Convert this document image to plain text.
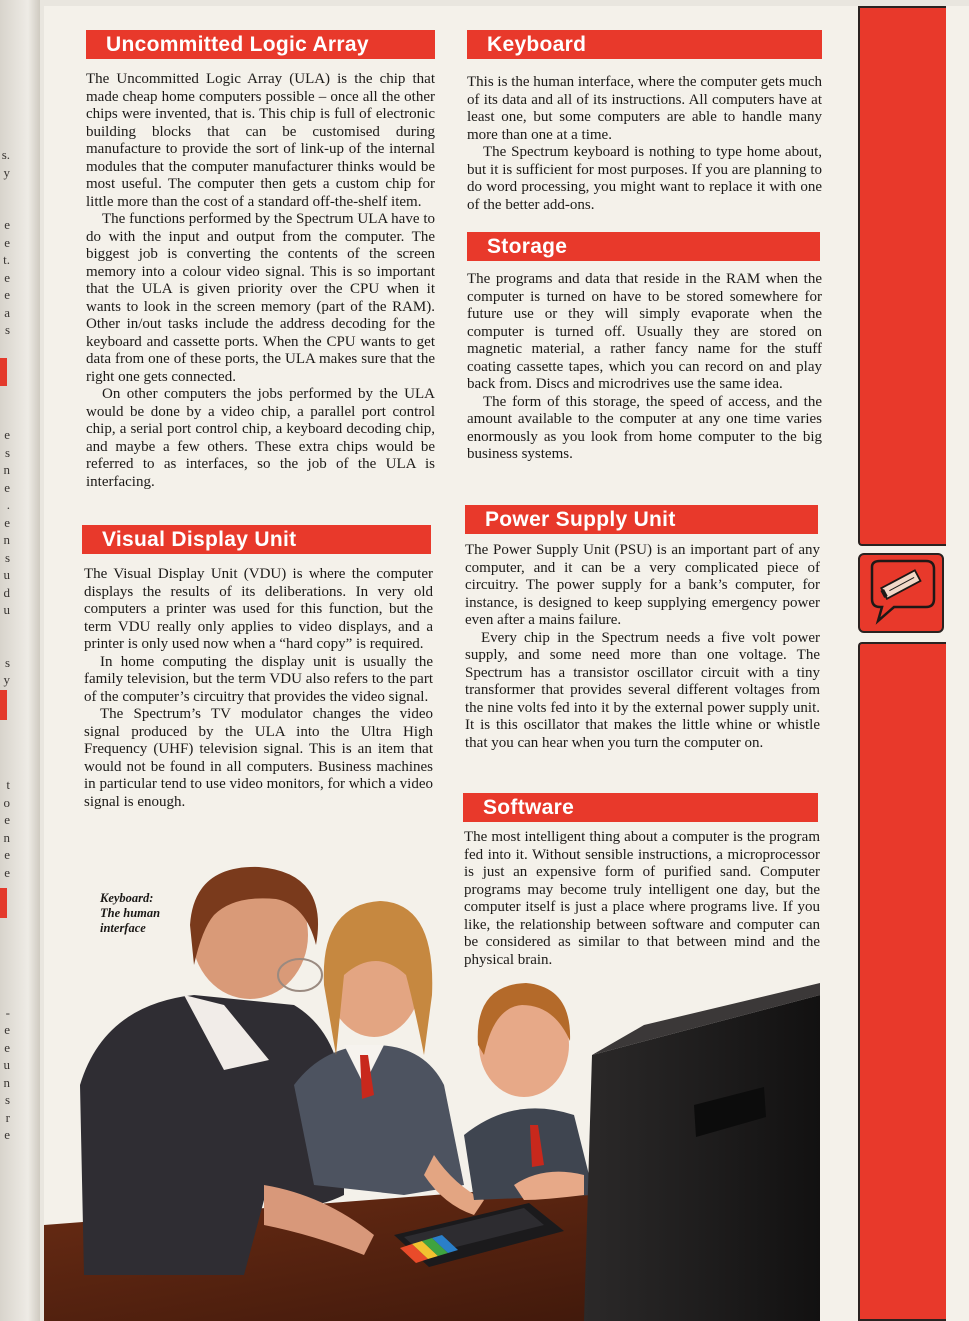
s.
y

e
e
t.
e
e
a
s

e
s
n
e
.
e
n
s
u
d
u

s
y

t
o
e
n
e
e

-
e
e
u
n
s
r
e
Uncommitted Logic Array

The Uncommitted Logic Array (ULA) is the chip that made cheap home computers possible – once all the other chips were invented, that is. This chip is full of electronic building blocks that can be customised during manufacture to provide the sort of link-up of the internal modules that the computer manufacturer thinks would be most useful. The computer then gets a custom chip for little more than the cost of a standard off-the-shelf item.

The functions performed by the Spectrum ULA have to do with the input and output from the computer. The biggest job is converting the contents of the screen memory into a colour video signal. This is so important that the ULA is given priority over the CPU when it wants to look in the screen memory (part of the RAM). Other in/out tasks include the address decoding for the keyboard and cassette ports. When the CPU wants to get data from one of these ports, the ULA makes sure that the right one gets connected.

On other computers the jobs performed by the ULA would be done by a video chip, a parallel port control chip, a serial port control chip, a keyboard decoding chip, and maybe a few others. These extra chips would be referred to as interfaces, so the job of the ULA is interfacing.

Visual Display Unit

The Visual Display Unit (VDU) is where the computer displays the results of its deliberations. In very old computers a printer was used for this function, but the term VDU really only applies to video displays, and a printer is only used now when a “hard copy” is required.

In home computing the display unit is usually the family television, but the term VDU also refers to the part of the computer’s circuitry that provides the video signal.

The Spectrum’s TV modulator changes the video signal produced by the ULA into the Ultra High Frequency (UHF) television signal. This is an item that would not be found in all computers. Business machines in particular tend to use video monitors, for which a video signal is enough.

Keyboard

This is the human interface, where the computer gets much of its data and all of its instructions. All computers have at least one, but some computers are able to handle many more than one at a time.

The Spectrum keyboard is nothing to type home about, but it is sufficient for most purposes. If you are planning to do word processing, you might want to replace it with one of the better add-ons.

Storage

The programs and data that reside in the RAM when the computer is turned on have to be stored somewhere for future use or they will simply evaporate when the computer is turned off. Usually they are stored on magnetic material, a rather fancy name for the stuff coating cassette tapes, which you can record on and play back from. Discs and microdrives use the same idea.

The form of this storage, the speed of access, and the amount available to the computer at any one time varies enormously as you look from home computer to the big business systems.

Power Supply Unit

The Power Supply Unit (PSU) is an important part of any computer, and it can be a very complicated piece of circuitry. The power supply for a bank’s computer, for instance, is designed to keep supplying emergency power even after a mains failure.

Every chip in the Spectrum needs a five volt power supply, and some need more than one voltage. The Spectrum has a transistor oscillator circuit with a tiny transformer that provides several different voltages from the nine volts fed into it by the external power supply unit. It is this oscillator that makes the little whine or whistle that you can hear when you turn the computer on.

Software

The most intelligent thing about a computer is the program fed into it. Without sensible instructions, a microprocessor is just an expensive form of purified sand. Computer programs may become truly intelligent one day, but the computer itself is just a place where programs live. If you like, the relationship between software and computer can be considered as similar to that between mind and the physical brain.

Keyboard:
The human
interface
